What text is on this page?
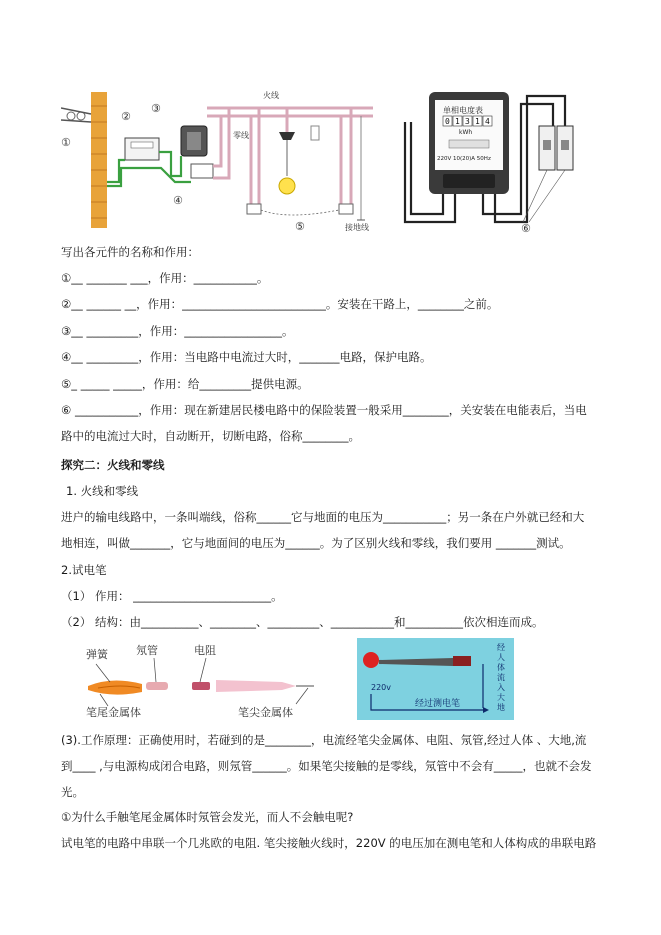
①
②
③
④
⑤
火线
零线
接地线
单相电度表
0 1 3 1 4
kWh
220V 10(20)A 50Hz
⑥
弹簧	氖管	电阻
笔尾金属体	笔尖金属体
220v
经过测电笔
经
人
体
流
入
大
地
写出各元件的名称和作用：
①__ _______ ___，作用：___________。
②__ ______ __，作用：_________________________。安装在干路上，________之前。
③__ _________，作用：_________________。
④__ _________，作用：当电路中电流过大时，_______电路，保护电路。
⑤_ _____ _____，作用：给_________提供电源。
⑥ ___________，作用：现在新建居民楼电路中的保险装置一般采用________，关安装在电能表后，当电
路中的电流过大时，自动断开，切断电路，俗称________。
探究二：火线和零线
1. 火线和零线
进户的输电线路中，一条叫端线，俗称______它与地面的电压为___________；另一条在户外就已经和大
地相连，叫做_______，它与地面间的电压为______。为了区别火线和零线，我们要用 _______测试。
2.试电笔
（1） 作用： ________________________。
（2） 结构：由__________、________、_________、___________和__________依次相连而成。
(3).工作原理：正确使用时，若碰到的是________，电流经笔尖金属体、电阻、氖管,经过人体 、大地,流
到____ ,与电源构成闭合电路，则氖管______。如果笔尖接触的是零线，氖管中不会有_____，也就不会发
光。
①为什么手触笔尾金属体时氖管会发光，而人不会触电呢?
试电笔的电路中串联一个几兆欧的电阻. 笔尖接触火线时，220V 的电压加在测电笔和人体构成的串联电路
